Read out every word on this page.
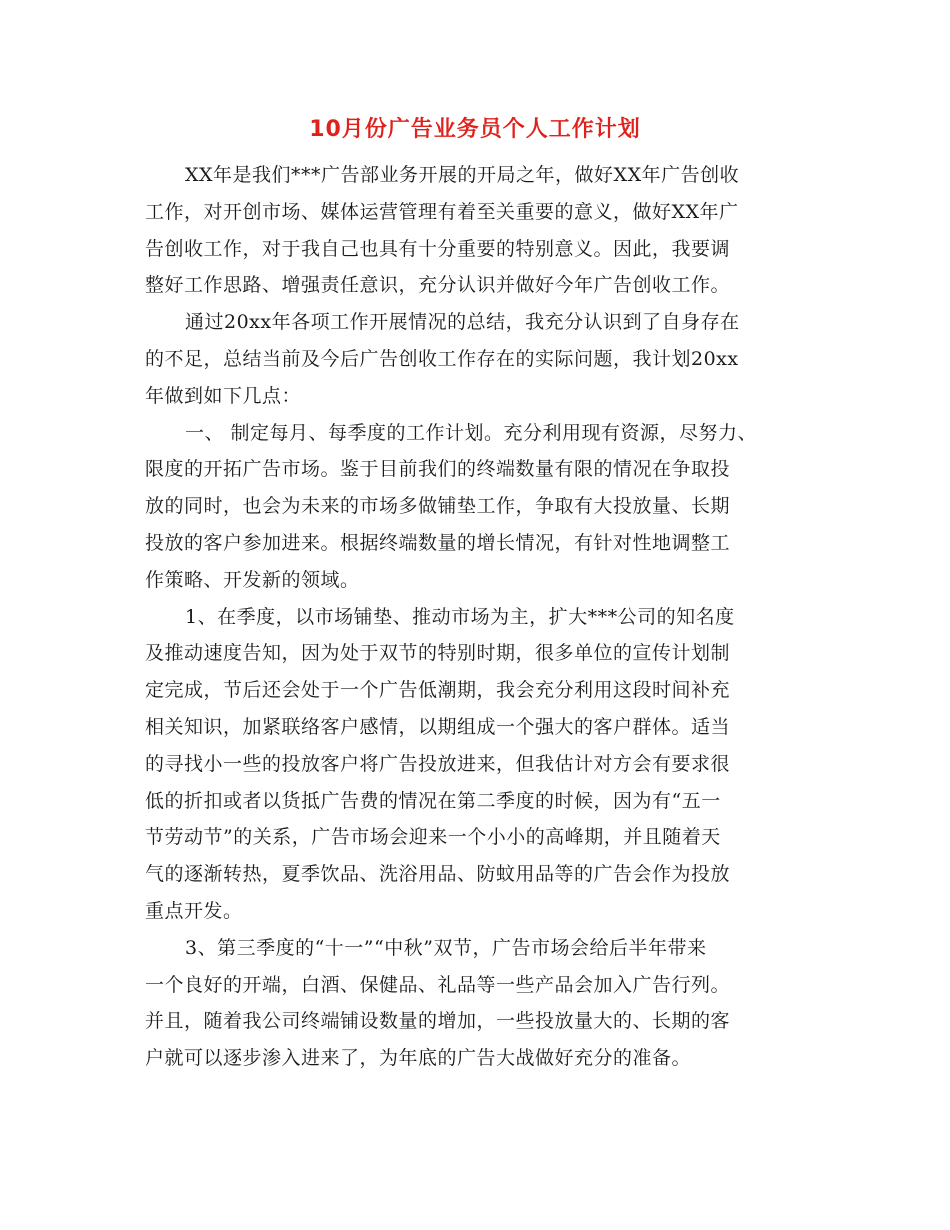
10月份广告业务员个人工作计划
XX年是我们***广告部业务开展的开局之年，做好XX年广告创收
工作，对开创市场、媒体运营管理有着至关重要的意义，做好XX年广
告创收工作，对于我自己也具有十分重要的特别意义。因此，我要调
整好工作思路、增强责任意识，充分认识并做好今年广告创收工作。
通过20xx年各项工作开展情况的总结，我充分认识到了自身存在
的不足，总结当前及今后广告创收工作存在的实际问题，我计划20xx
年做到如下几点：
一、 制定每月、每季度的工作计划。充分利用现有资源，尽努力、
限度的开拓广告市场。鉴于目前我们的终端数量有限的情况在争取投
放的同时，也会为未来的市场多做铺垫工作，争取有大投放量、长期
投放的客户参加进来。根据终端数量的增长情况，有针对性地调整工
作策略、开发新的领域。
1、在季度，以市场铺垫、推动市场为主，扩大***公司的知名度
及推动速度告知，因为处于双节的特别时期，很多单位的宣传计划制
定完成，节后还会处于一个广告低潮期，我会充分利用这段时间补充
相关知识，加紧联络客户感情，以期组成一个强大的客户群体。适当
的寻找小一些的投放客户将广告投放进来，但我估计对方会有要求很
低的折扣或者以货抵广告费的情况在第二季度的时候，因为有“五一
节劳动节”的关系，广告市场会迎来一个小小的高峰期，并且随着天
气的逐渐转热，夏季饮品、洗浴用品、防蚊用品等的广告会作为投放
重点开发。
3、第三季度的“十一”“中秋”双节，广告市场会给后半年带来
一个良好的开端，白酒、保健品、礼品等一些产品会加入广告行列。
并且，随着我公司终端铺设数量的增加，一些投放量大的、长期的客
户就可以逐步渗入进来了，为年底的广告大战做好充分的准备。
